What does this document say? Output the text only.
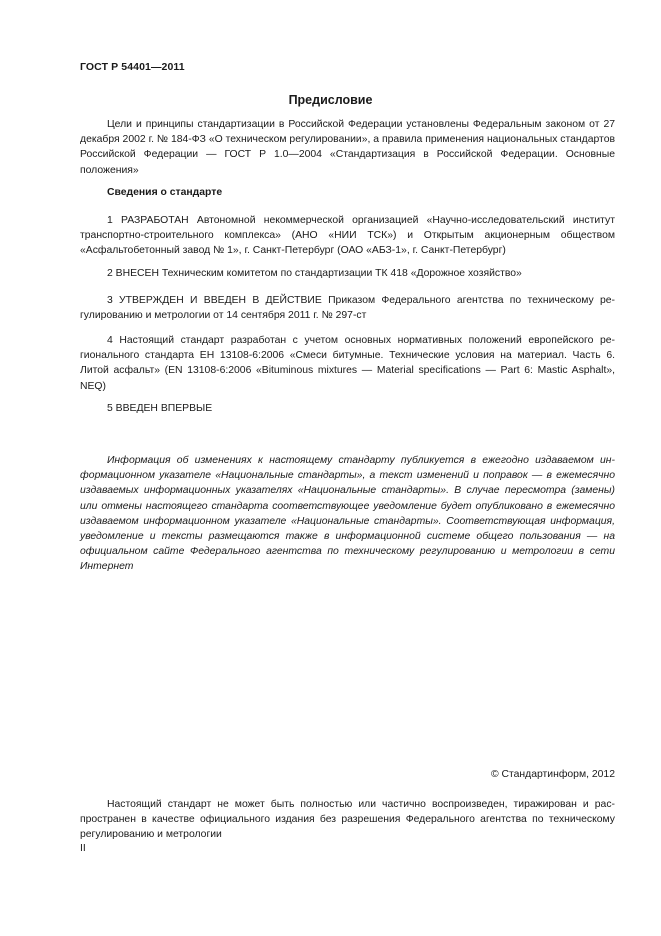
ГОСТ Р 54401—2011
Предисловие

Цели и принципы стандартизации в Российской Федерации установлены Федеральным законом от 27 декабря 2002 г. № 184-ФЗ «О техническом регулировании», а правила применения национальных стандартов Российской Федерации — ГОСТ Р 1.0—2004 «Стандартизация в Российской Федерации. Основные положения»

Сведения о стандарте

1 РАЗРАБОТАН Автономной некоммерческой организацией «Научно-исследовательский институт транспортно-строительного комплекса» (АНО «НИИ ТСК») и Открытым акционерным обществом «Асфальтобетонный завод № 1», г. Санкт-Петербург (ОАО «АБЗ-1», г. Санкт-Петербург)

2 ВНЕСЕН Техническим комитетом по стандартизации ТК 418 «Дорожное хозяйство»

3 УТВЕРЖДЕН И ВВЕДЕН В ДЕЙСТВИЕ Приказом Федерального агентства по техническому регулированию и метрологии от 14 сентября 2011 г. № 297-ст

4 Настоящий стандарт разработан с учетом основных нормативных положений европейского регионального стандарта ЕН 13108-6:2006 «Смеси битумные. Технические условия на материал. Часть 6. Литой асфальт» (EN 13108-6:2006 «Bituminous mixtures — Material specifications — Part 6: Mastic Asphalt», NEQ)

5 ВВЕДЕН ВПЕРВЫЕ

Информация об изменениях к настоящему стандарту публикуется в ежегодно издаваемом информационном указателе «Национальные стандарты», а текст изменений и поправок — в ежемесячно издаваемых информационных указателях «Национальные стандарты». В случае пересмотра (замены) или отмены настоящего стандарта соответствующее уведомление будет опубликовано в ежемесячно издаваемом информационном указателе «Национальные стандарты». Соответствующая информация, уведомление и тексты размещаются также в информационной системе общего пользования — на официальном сайте Федерального агентства по техническому регулированию и метрологии в сети Интернет

© Стандартинформ, 2012

Настоящий стандарт не может быть полностью или частично воспроизведен, тиражирован и распространен в качестве официального издания без разрешения Федерального агентства по техническому регулированию и метрологии

II
